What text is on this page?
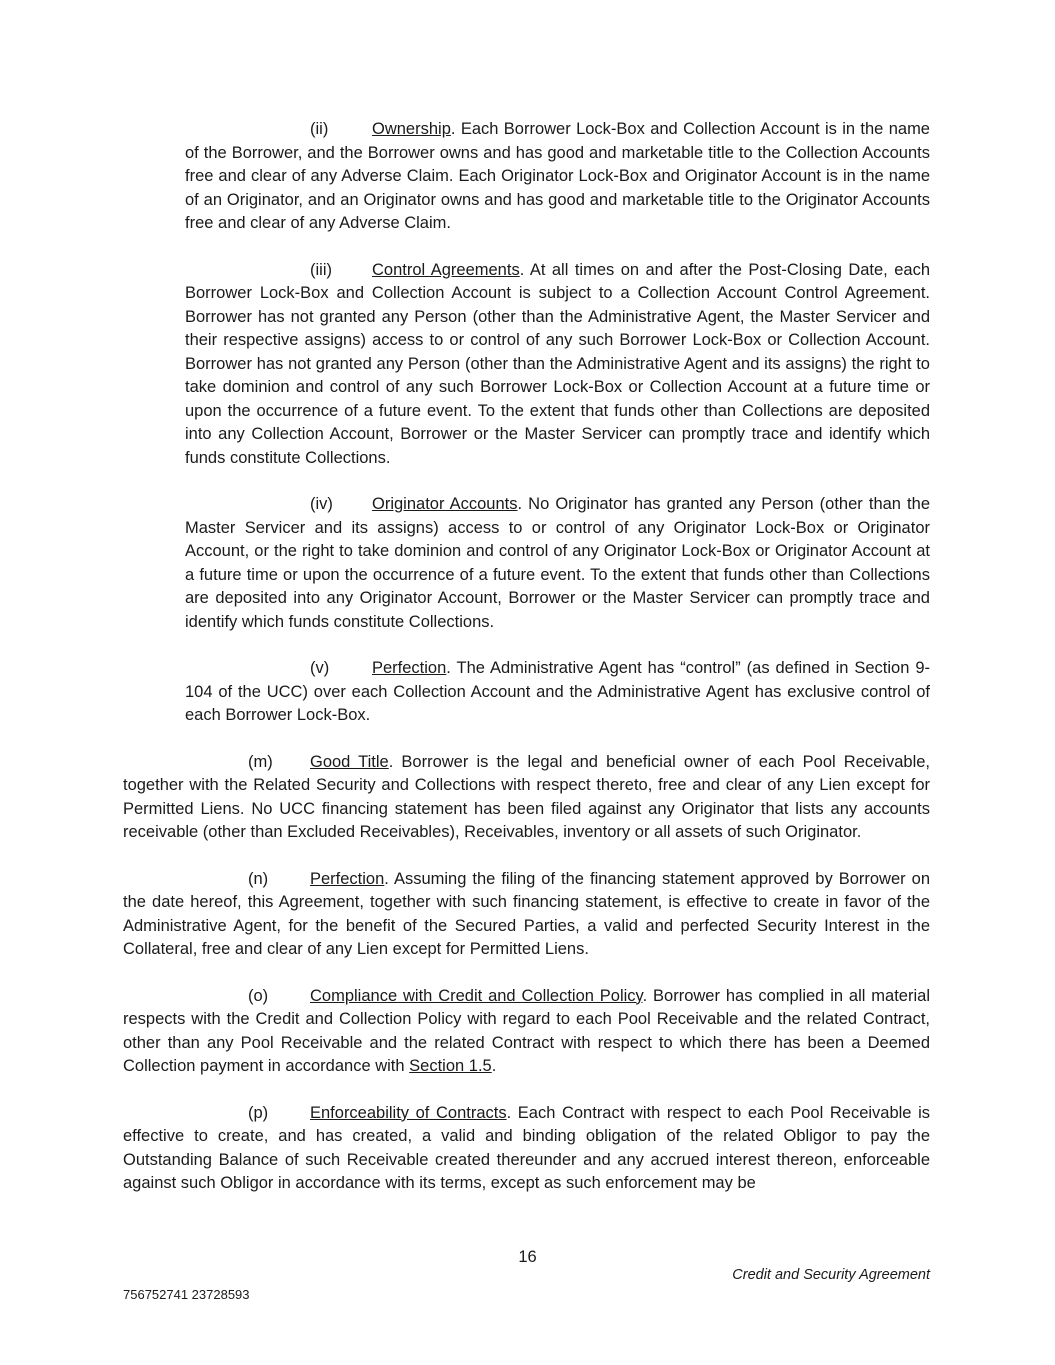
(ii)	Ownership. Each Borrower Lock-Box and Collection Account is in the name of the Borrower, and the Borrower owns and has good and marketable title to the Collection Accounts free and clear of any Adverse Claim. Each Originator Lock-Box and Originator Account is in the name of an Originator, and an Originator owns and has good and marketable title to the Originator Accounts free and clear of any Adverse Claim.

(iii) Control Agreements. At all times on and after the Post-Closing Date, each Borrower Lock-Box and Collection Account is subject to a Collection Account Control Agreement. Borrower has not granted any Person (other than the Administrative Agent, the Master Servicer and their respective assigns) access to or control of any such Borrower Lock-Box or Collection Account. Borrower has not granted any Person (other than the Administrative Agent and its assigns) the right to take dominion and control of any such Borrower Lock-Box or Collection Account at a future time or upon the occurrence of a future event. To the extent that funds other than Collections are deposited into any Collection Account, Borrower or the Master Servicer can promptly trace and identify which funds constitute Collections.

(iv) Originator Accounts. No Originator has granted any Person (other than the Master Servicer and its assigns) access to or control of any Originator Lock-Box or Originator Account, or the right to take dominion and control of any Originator Lock-Box or Originator Account at a future time or upon the occurrence of a future event. To the extent that funds other than Collections are deposited into any Originator Account, Borrower or the Master Servicer can promptly trace and identify which funds constitute Collections.

(v)	Perfection. The Administrative Agent has “control” (as defined in Section 9-104 of the UCC) over each Collection Account and the Administrative Agent has exclusive control of each Borrower Lock-Box.

(m) Good Title. Borrower is the legal and beneficial owner of each Pool Receivable, together with the Related Security and Collections with respect thereto, free and clear of any Lien except for Permitted Liens. No UCC financing statement has been filed against any Originator that lists any accounts receivable (other than Excluded Receivables), Receivables, inventory or all assets of such Originator.

(n)	Perfection. Assuming the filing of the financing statement approved by Borrower on the date hereof, this Agreement, together with such financing statement, is effective to create in favor of the Administrative Agent, for the benefit of the Secured Parties, a valid and perfected Security Interest in the Collateral, free and clear of any Lien except for Permitted Liens.

(o)	Compliance with Credit and Collection Policy. Borrower has complied in all material respects with the Credit and Collection Policy with regard to each Pool Receivable and the related Contract, other than any Pool Receivable and the related Contract with respect to which there has been a Deemed Collection payment in accordance with Section 1.5.

(p)	Enforceability of Contracts. Each Contract with respect to each Pool Receivable is effective to create, and has created, a valid and binding obligation of the related Obligor to pay the Outstanding Balance of such Receivable created thereunder and any accrued interest thereon, enforceable against such Obligor in accordance with its terms, except as such enforcement may be

16
Credit and Security Agreement
756752741 23728593
